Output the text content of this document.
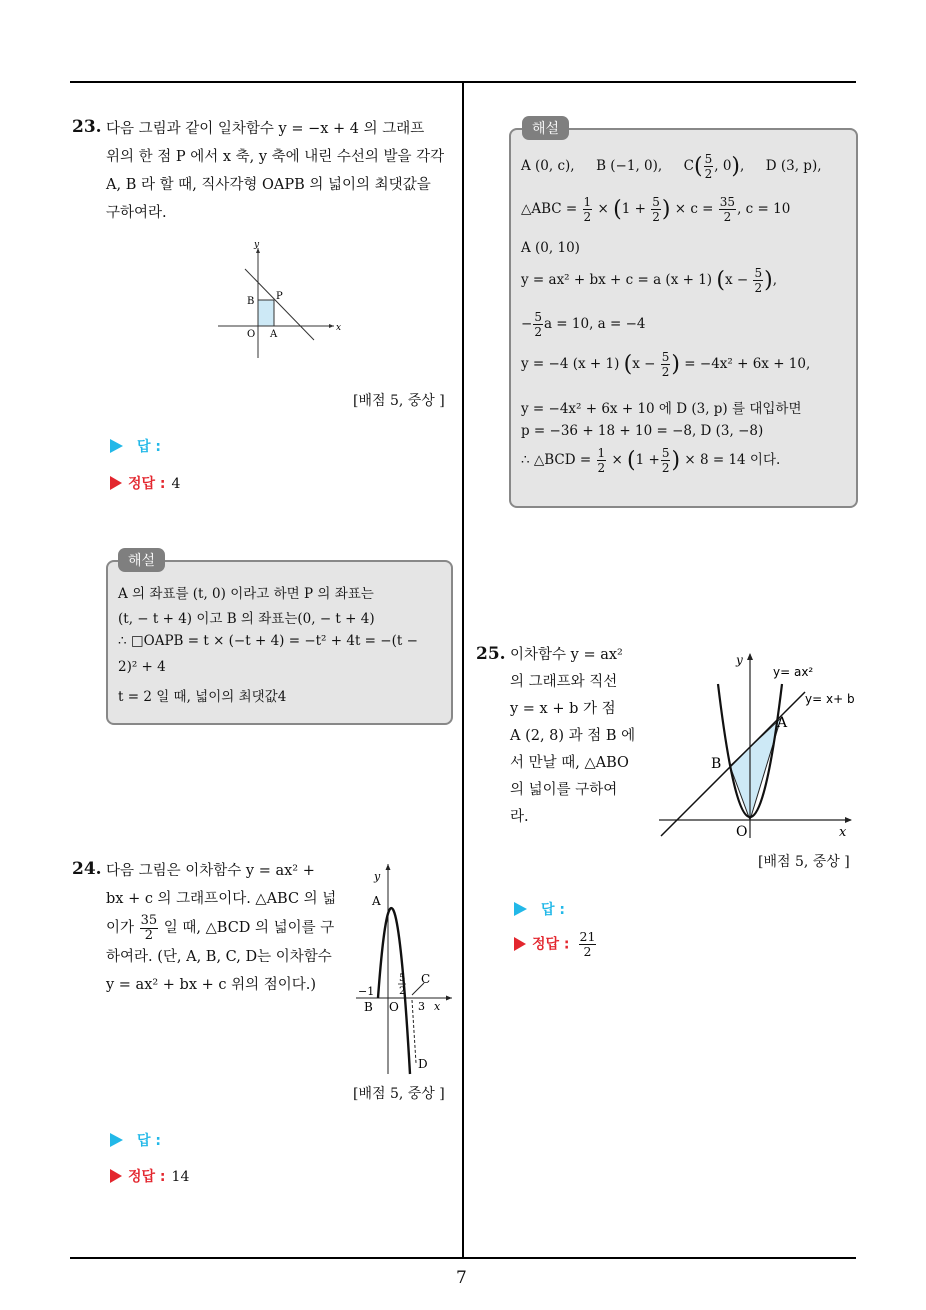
23. 다음 그림과 같이 일차함수 y = −x + 4 의 그래프
위의 한 점 P 에서 x 축, y 축에 내린 수선의 발을 각각
A, B 라 할 때, 직사각형 OAPB 의 넓이의 최댓값을
구하여라.
y
x
B P
O A
[배점 5, 중상 ]
답 :
정답 : 4
해설
A 의 좌표를 (t, 0) 이라고 하면 P 의 좌표는
(t, − t + 4) 이고 B 의 좌표는(0, − t + 4)
∴ □OAPB = t × (−t + 4) = −t² + 4t = −(t −
2)² + 4
t = 2 일 때, 넓이의 최댓값4
24. 다음 그림은 이차함수 y = ax² +
bx + c 의 그래프이다. △ABC 의 넓
이가 $\frac{35}{2}$ 일 때, △BCD 의 넓이를 구
하여라. (단, A, B, C, D는 이차함수
y = ax² + bx + c 위의 점이다.)
y
A
5
2
C
−1
B O 3 x
D
[배점 5, 중상 ]
답 :
정답 : 14
해설
A (0, c), B (−1, 0), $C( \frac{5}{2}$ , 0),     D (3, p),
△ABC = $\frac{1}{2} \times (1 + \frac{5}{2}$ ) × $c = \frac{35}{2}$ , c = 10
A (0, 10)
y = ax² + bx + c = a (x + 1) ($x - \frac{5}{2}$ ),
− $\frac{5}{2}$ a = 10, a = −4
y = −4 (x + 1) ($x - \frac{5}{2}$ ) = −4x² + 6x + 10,
y = −4x² + 6x + 10 에 D (3, p) 를 대입하면
p = −36 + 18 + 10 = −8, D (3, −8)
∴ △BCD = $\frac{1}{2} \times (1 + \frac{5}{2}$ ) × 8 = 14 이다.
25. 이차함수 y = ax²
의 그래프와 직선
y = x + b 가 점
A (2, 8) 과 점 B 에
서 만날 때, △ABO
의 넓이를 구하여
라.
y
y= ax²
y= x+ b
A
B
O	x
[배점 5, 중상 ]
답 :
정답 : $\frac{21}{2}$
7
